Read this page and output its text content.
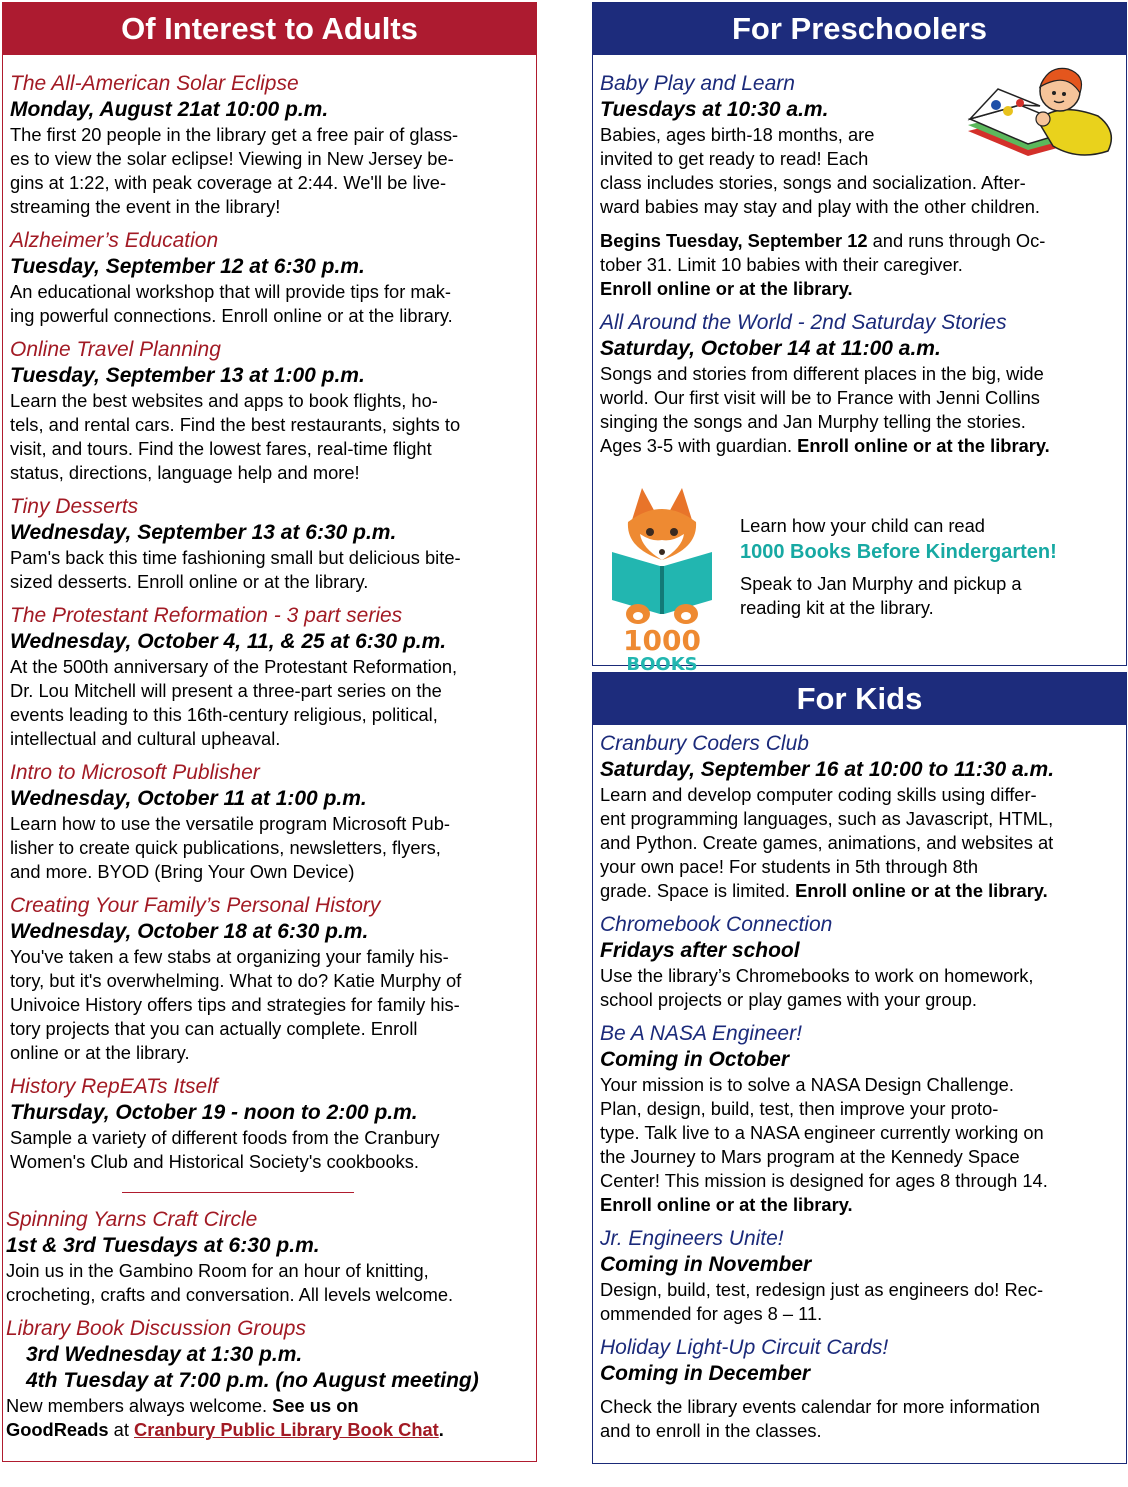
Of Interest to Adults
The All-American Solar Eclipse
Monday, August 21at 10:00 p.m.
The first 20 people in the library get a free pair of glass-
es to view the solar eclipse! Viewing in New Jersey be-
gins at 1:22, with peak coverage at 2:44. We'll be live-
streaming the event in the library!
Alzheimer’s Education
Tuesday, September 12 at 6:30 p.m.
An educational workshop that will provide tips for mak-
ing powerful connections. Enroll online or at the library.
Online Travel Planning
Tuesday, September 13 at 1:00 p.m.
Learn the best websites and apps to book flights, ho-
tels, and rental cars. Find the best restaurants, sights to
visit, and tours. Find the lowest fares, real-time flight
status, directions, language help and more!
Tiny Desserts
Wednesday, September 13 at 6:30 p.m.
Pam's back this time fashioning small but delicious bite-
sized desserts. Enroll online or at the library.
The Protestant Reformation - 3 part series
Wednesday, October 4, 11, & 25 at 6:30 p.m.
At the 500th anniversary of the Protestant Reformation,
Dr. Lou Mitchell will present a three-part series on the
events leading to this 16th-century religious, political,
intellectual and cultural upheaval.
Intro to Microsoft Publisher
Wednesday, October 11 at 1:00 p.m.
Learn how to use the versatile program Microsoft Pub-
lisher to create quick publications, newsletters, flyers,
and more. BYOD (Bring Your Own Device)
Creating Your Family’s Personal History
Wednesday, October 18 at 6:30 p.m.
You've taken a few stabs at organizing your family his-
tory, but it's overwhelming. What to do? Katie Murphy of
Univoice History offers tips and strategies for family his-
tory projects that you can actually complete. Enroll
online or at the library.
History RepEATs Itself
Thursday, October 19 - noon to 2:00 p.m.
Sample a variety of different foods from the Cranbury
Women's Club and Historical Society's cookbooks.
Spinning Yarns Craft Circle
1st & 3rd Tuesdays at 6:30 p.m.
Join us in the Gambino Room for an hour of knitting,
crocheting, crafts and conversation. All levels welcome.
Library Book Discussion Groups
3rd Wednesday at 1:30 p.m.
4th Tuesday at 7:00 p.m. (no August meeting)
New members always welcome. See us on
GoodReads at Cranbury Public Library Book Chat.
For Preschoolers
Baby Play and Learn
Tuesdays at 10:30 a.m.
Babies, ages birth-18 months, are
invited to get ready to read! Each
class includes stories, songs and socialization. After-
ward babies may stay and play with the other children.
Begins Tuesday, September 12 and runs through Oc-
tober 31. Limit 10 babies with their caregiver.
Enroll online or at the library.
All Around the World - 2nd Saturday Stories
Saturday, October 14 at 11:00 a.m.
Songs and stories from different places in the big, wide
world. Our first visit will be to France with Jenni Collins
singing the songs and Jan Murphy telling the stories.
Ages 3-5 with guardian. Enroll online or at the library.
1000
BOOKS
Learn how your child can read
1000 Books Before Kindergarten!
Speak to Jan Murphy and pickup a
reading kit at the library.
For Kids
Cranbury Coders Club
Saturday, September 16 at 10:00 to 11:30 a.m.
Learn and develop computer coding skills using differ-
ent programming languages, such as Javascript, HTML,
and Python. Create games, animations, and websites at
your own pace! For students in 5th through 8th
grade. Space is limited. Enroll online or at the library.
Chromebook Connection
Fridays after school
Use the library’s Chromebooks to work on homework,
school projects or play games with your group.
Be A NASA Engineer!
Coming in October
Your mission is to solve a NASA Design Challenge.
Plan, design, build, test, then improve your proto-
type. Talk live to a NASA engineer currently working on
the Journey to Mars program at the Kennedy Space
Center! This mission is designed for ages 8 through 14.
Enroll online or at the library.
Jr. Engineers Unite!
Coming in November
Design, build, test, redesign just as engineers do! Rec-
ommended for ages 8 – 11.
Holiday Light-Up Circuit Cards!
Coming in December
Check the library events calendar for more information
and to enroll in the classes.
